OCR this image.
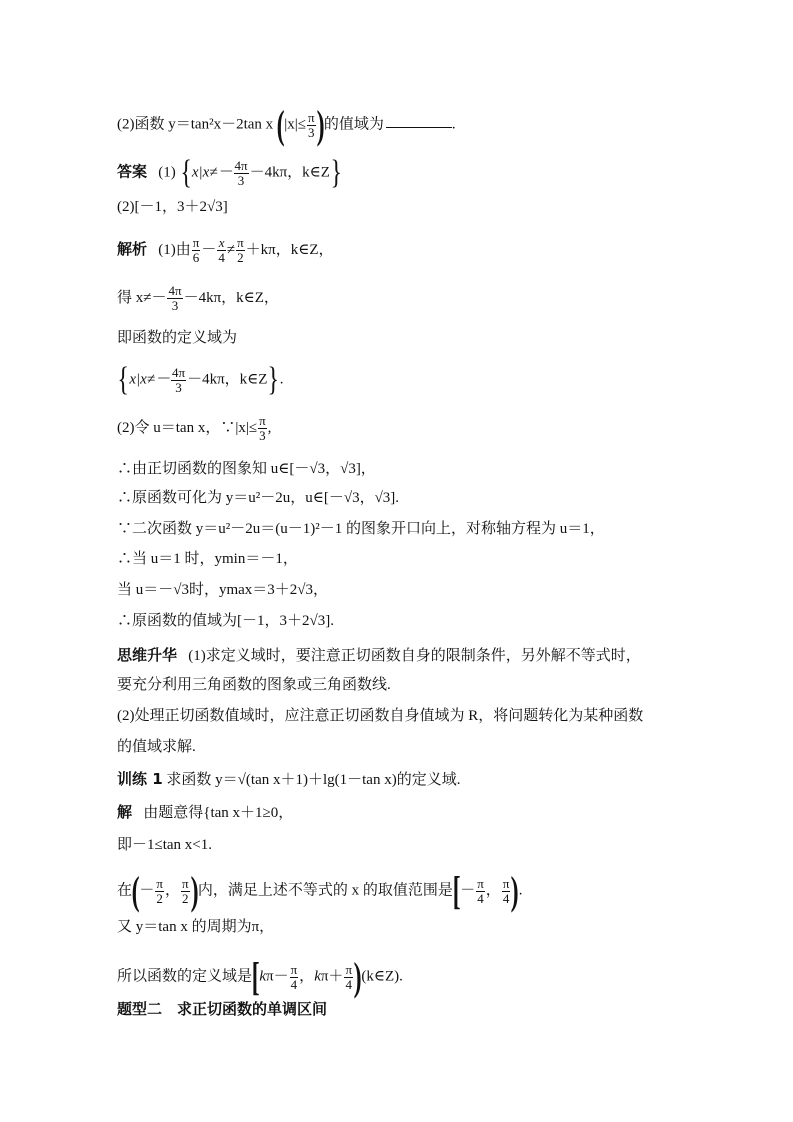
(2)函数 y＝tan²x－2tan x ($|x|\le \frac{\pi}{3}$ )的值域为	.
答案 (1) {$x|x\ne- \frac{4\pi}{3} -4k\pi$，k∈Z}
(2)[－1，3＋2√3]
解析 (1)由 $\frac{\pi}{6} - \frac{x}{4} \ne \frac{\pi}{2} +k\pi$，k∈Z，
得 $x\ne- \frac{4\pi}{3} -4k\pi$，k∈Z，
即函数的定义域为
{$x|x\ne- \frac{4\pi}{3} -4k\pi$，k∈Z}.
(2)令 u＝tan x，∵|x|≤ $\frac{\pi}{3}$ ,
∴由正切函数的图象知 u∈[－√3，√3]，
∴原函数可化为 y＝u²－2u，u∈[－√3，√3].
∵二次函数 y＝u²－2u＝(u－1)²－1 的图象开口向上，对称轴方程为 u＝1，
∴当 u＝1 时，ymin＝－1，
当 u＝－√3时，ymax＝3＋2√3，
∴原函数的值域为[－1，3＋2√3].
思维升华 (1)求定义域时，要注意正切函数自身的限制条件，另外解不等式时，
要充分利用三角函数的图象或三角函数线.
(2)处理正切函数值域时，应注意正切函数自身值域为 R，将问题转化为某种函数
的值域求解.
训练 1 求函数 y＝√(tan x＋1)＋lg(1－tan x)的定义域.
解 由题意得{tan x＋1≥0，
即－1≤tan x<1.
在(－ $\frac{\pi}{2}$ ， $\frac{\pi}{2}$ )内，满足上述不等式的 x 的取值范围是[－ $\frac{\pi}{4}$ ， $\frac{\pi}{4}$ ).
又 y＝tan x 的周期为π，
所以函数的定义域是[$k\pi- \frac{\pi}{4}$ ，$k\pi+ \frac{\pi}{4}$ )(k∈Z).
题型二　求正切函数的单调区间
